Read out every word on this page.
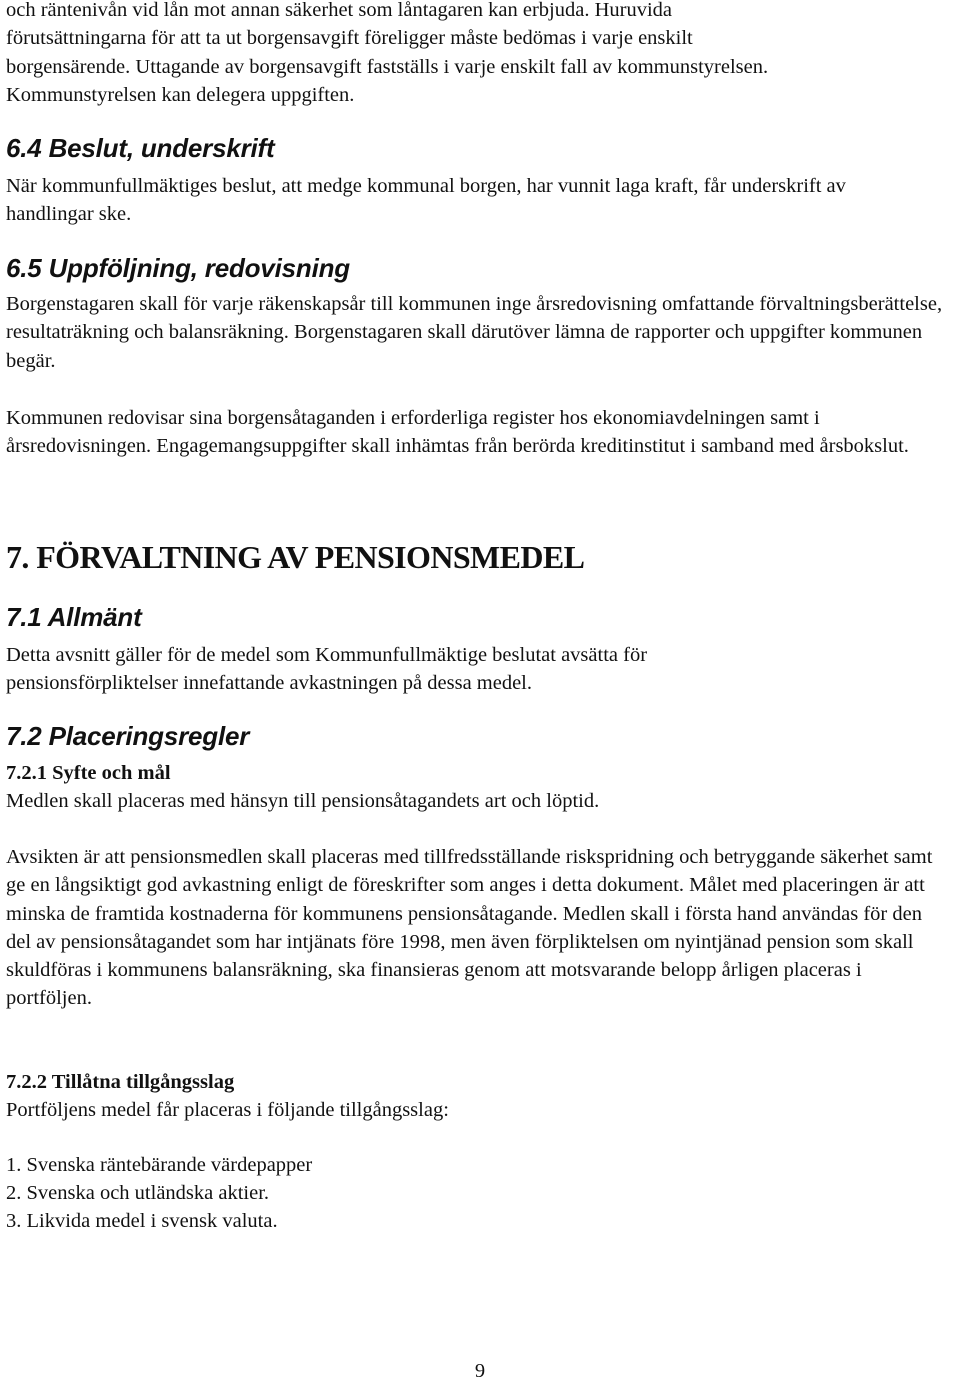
och räntenivån vid lån mot annan säkerhet som låntagaren kan erbjuda. Huruvida
förutsättningarna för att ta ut borgensavgift föreligger måste bedömas i varje enskilt
borgensärende. Uttagande av borgensavgift fastställs i varje enskilt fall av kommunstyrelsen.
Kommunstyrelsen kan delegera uppgiften.

6.4 Beslut, underskrift

När kommunfullmäktiges beslut, att medge kommunal borgen, har vunnit laga kraft, får underskrift av handlingar ske.

6.5 Uppföljning, redovisning

Borgenstagaren skall för varje räkenskapsår till kommunen inge årsredovisning omfattande förvaltningsberättelse, resultaträkning och balansräkning. Borgenstagaren skall därutöver lämna de rapporter och uppgifter kommunen begär.

Kommunen redovisar sina borgensåtaganden i erforderliga register hos ekonomiavdelningen samt i årsredovisningen. Engagemangsuppgifter skall inhämtas från berörda kreditinstitut i samband med årsbokslut.

7. FÖRVALTNING AV PENSIONSMEDEL
7.1 Allmänt

Detta avsnitt gäller för de medel som Kommunfullmäktige beslutat avsätta för pensionsförpliktelser innefattande avkastningen på dessa medel.

7.2 Placeringsregler
7.2.1 Syfte och mål

Medlen skall placeras med hänsyn till pensionsåtagandets art och löptid.

Avsikten är att pensionsmedlen skall placeras med tillfredsställande riskspridning och betryggande säkerhet samt ge en långsiktigt god avkastning enligt de föreskrifter som anges i detta dokument. Målet med placeringen är att minska de framtida kostnaderna för kommunens pensionsåtagande. Medlen skall i första hand användas för den del av pensionsåtagandet som har intjänats före 1998, men även förpliktelsen om nyintjänad pension som skall skuldföras i kommunens balansräkning, ska finansieras genom att motsvarande belopp årligen placeras i portföljen.

7.2.2 Tillåtna tillgångsslag

Portföljens medel får placeras i följande tillgångsslag:

1. Svenska räntebärande värdepapper

2. Svenska och utländska aktier.

3. Likvida medel i svensk valuta.

9
